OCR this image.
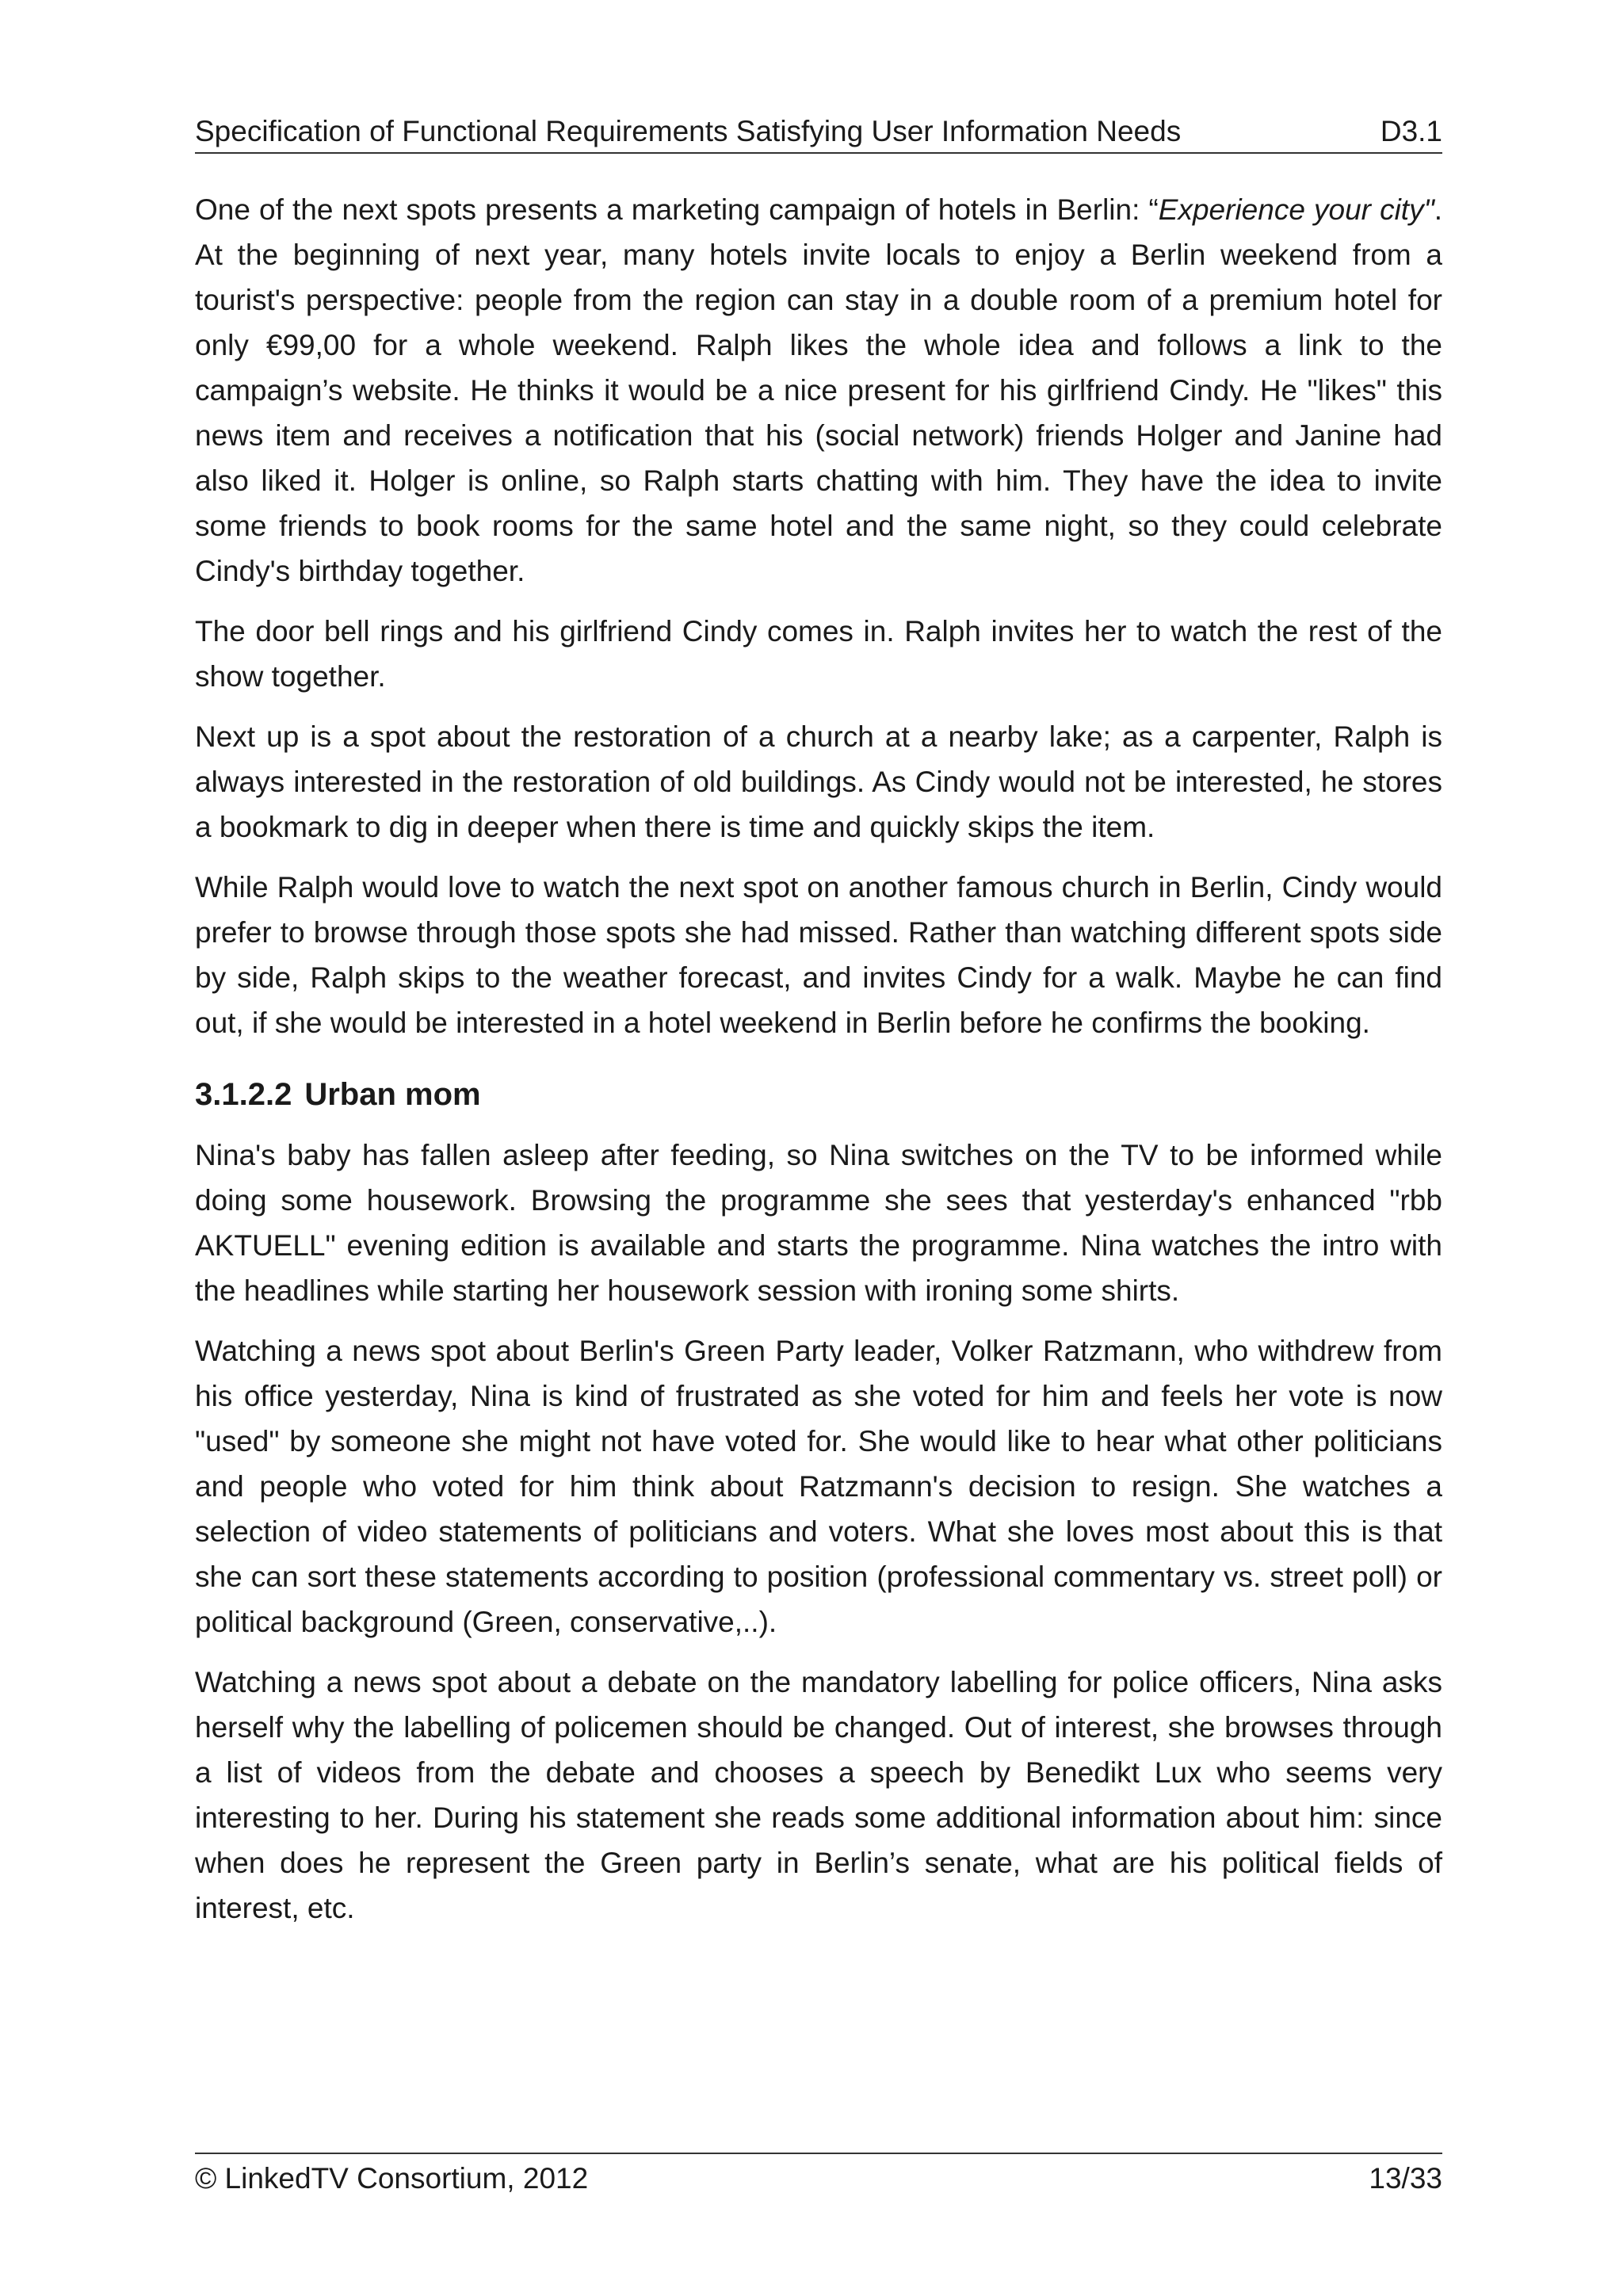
Specification of Functional Requirements Satisfying User Information Needs	D3.1

One of the next spots presents a marketing campaign of hotels in Berlin: “Experience your city". At the beginning of next year, many hotels invite locals to enjoy a Berlin weekend from a tourist's perspective: people from the region can stay in a double room of a premium hotel for only €99,00 for a whole weekend. Ralph likes the whole idea and follows a link to the campaign’s website. He thinks it would be a nice present for his girlfriend Cindy. He "likes" this news item and receives a notification that his (social network) friends Holger and Janine had also liked it. Holger is online, so Ralph starts chatting with him. They have the idea to invite some friends to book rooms for the same hotel and the same night, so they could celebrate Cindy's birthday together.

The door bell rings and his girlfriend Cindy comes in. Ralph invites her to watch the rest of the show together.

Next up is a spot about the restoration of a church at a nearby lake; as a carpenter, Ralph is always interested in the restoration of old buildings. As Cindy would not be interested, he stores a bookmark to dig in deeper when there is time and quickly skips the item.

While Ralph would love to watch the next spot on another famous church in Berlin, Cindy would prefer to browse through those spots she had missed. Rather than watching different spots side by side, Ralph skips to the weather forecast, and invites Cindy for a walk. Maybe he can find out, if she would be interested in a hotel weekend in Berlin before he confirms the booking.

3.1.2.2 Urban mom

Nina's baby has fallen asleep after feeding, so Nina switches on the TV to be informed while doing some housework. Browsing the programme she sees that yesterday's enhanced "rbb AKTUELL" evening edition is available and starts the programme. Nina watches the intro with the headlines while starting her housework session with ironing some shirts.

Watching a news spot about Berlin's Green Party leader, Volker Ratzmann, who withdrew from his office yesterday, Nina is kind of frustrated as she voted for him and feels her vote is now "used" by someone she might not have voted for. She would like to hear what other politicians and people who voted for him think about Ratzmann's decision to resign. She watches a selection of video statements of politicians and voters. What she loves most about this is that she can sort these statements according to position (professional commentary vs. street poll) or political background (Green, conservative,..).

Watching a news spot about a debate on the mandatory labelling for police officers, Nina asks herself why the labelling of policemen should be changed. Out of interest, she browses through a list of videos from the debate and chooses a speech by Benedikt Lux who seems very interesting to her. During his statement she reads some additional information about him: since when does he represent the Green party in Berlin’s senate, what are his political fields of interest, etc.

© LinkedTV Consortium, 2012	13/33
